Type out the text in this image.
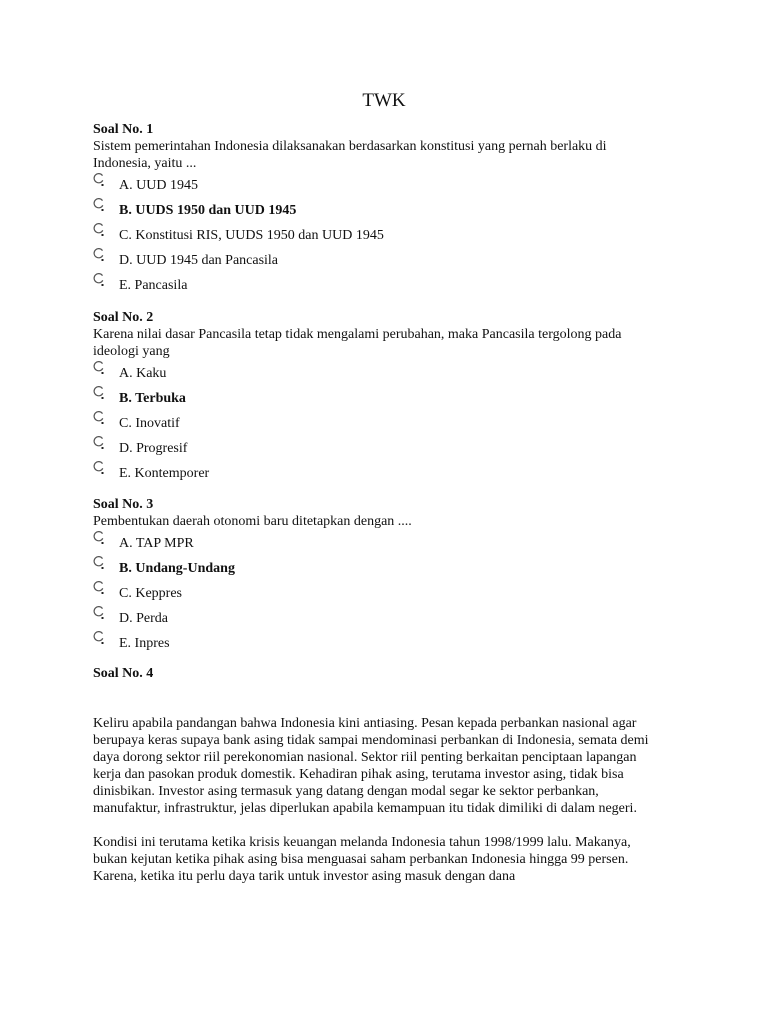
TWK

Soal No. 1

Sistem pemerintahan Indonesia dilaksanakan berdasarkan konstitusi yang pernah berlaku di Indonesia, yaitu ...

A. UUD 1945
B. UUDS 1950 dan UUD 1945
C. Konstitusi RIS, UUDS 1950 dan UUD 1945
D. UUD 1945 dan Pancasila
E. Pancasila

Soal No. 2

Karena nilai dasar Pancasila tetap tidak mengalami perubahan, maka Pancasila tergolong pada ideologi yang

A. Kaku
B. Terbuka
C. Inovatif
D. Progresif
E. Kontemporer

Soal No. 3

Pembentukan daerah otonomi baru ditetapkan dengan ....

A. TAP MPR
B. Undang-Undang
C. Keppres
D. Perda
E. Inpres

Soal No. 4

Keliru apabila pandangan bahwa Indonesia kini antiasing. Pesan kepada perbankan nasional agar berupaya keras supaya bank asing tidak sampai mendominasi perbankan di Indonesia, semata demi daya dorong sektor riil perekonomian nasional. Sektor riil penting berkaitan penciptaan lapangan kerja dan pasokan produk domestik. Kehadiran pihak asing, terutama investor asing, tidak bisa dinisbikan. Investor asing termasuk yang datang dengan modal segar ke sektor perbankan, manufaktur, infrastruktur, jelas diperlukan apabila kemampuan itu tidak dimiliki di dalam negeri.

Kondisi ini terutama ketika krisis keuangan melanda Indonesia tahun 1998/1999 lalu. Makanya, bukan kejutan ketika pihak asing bisa menguasai saham perbankan Indonesia hingga 99 persen. Karena, ketika itu perlu daya tarik untuk investor asing masuk dengan dana
